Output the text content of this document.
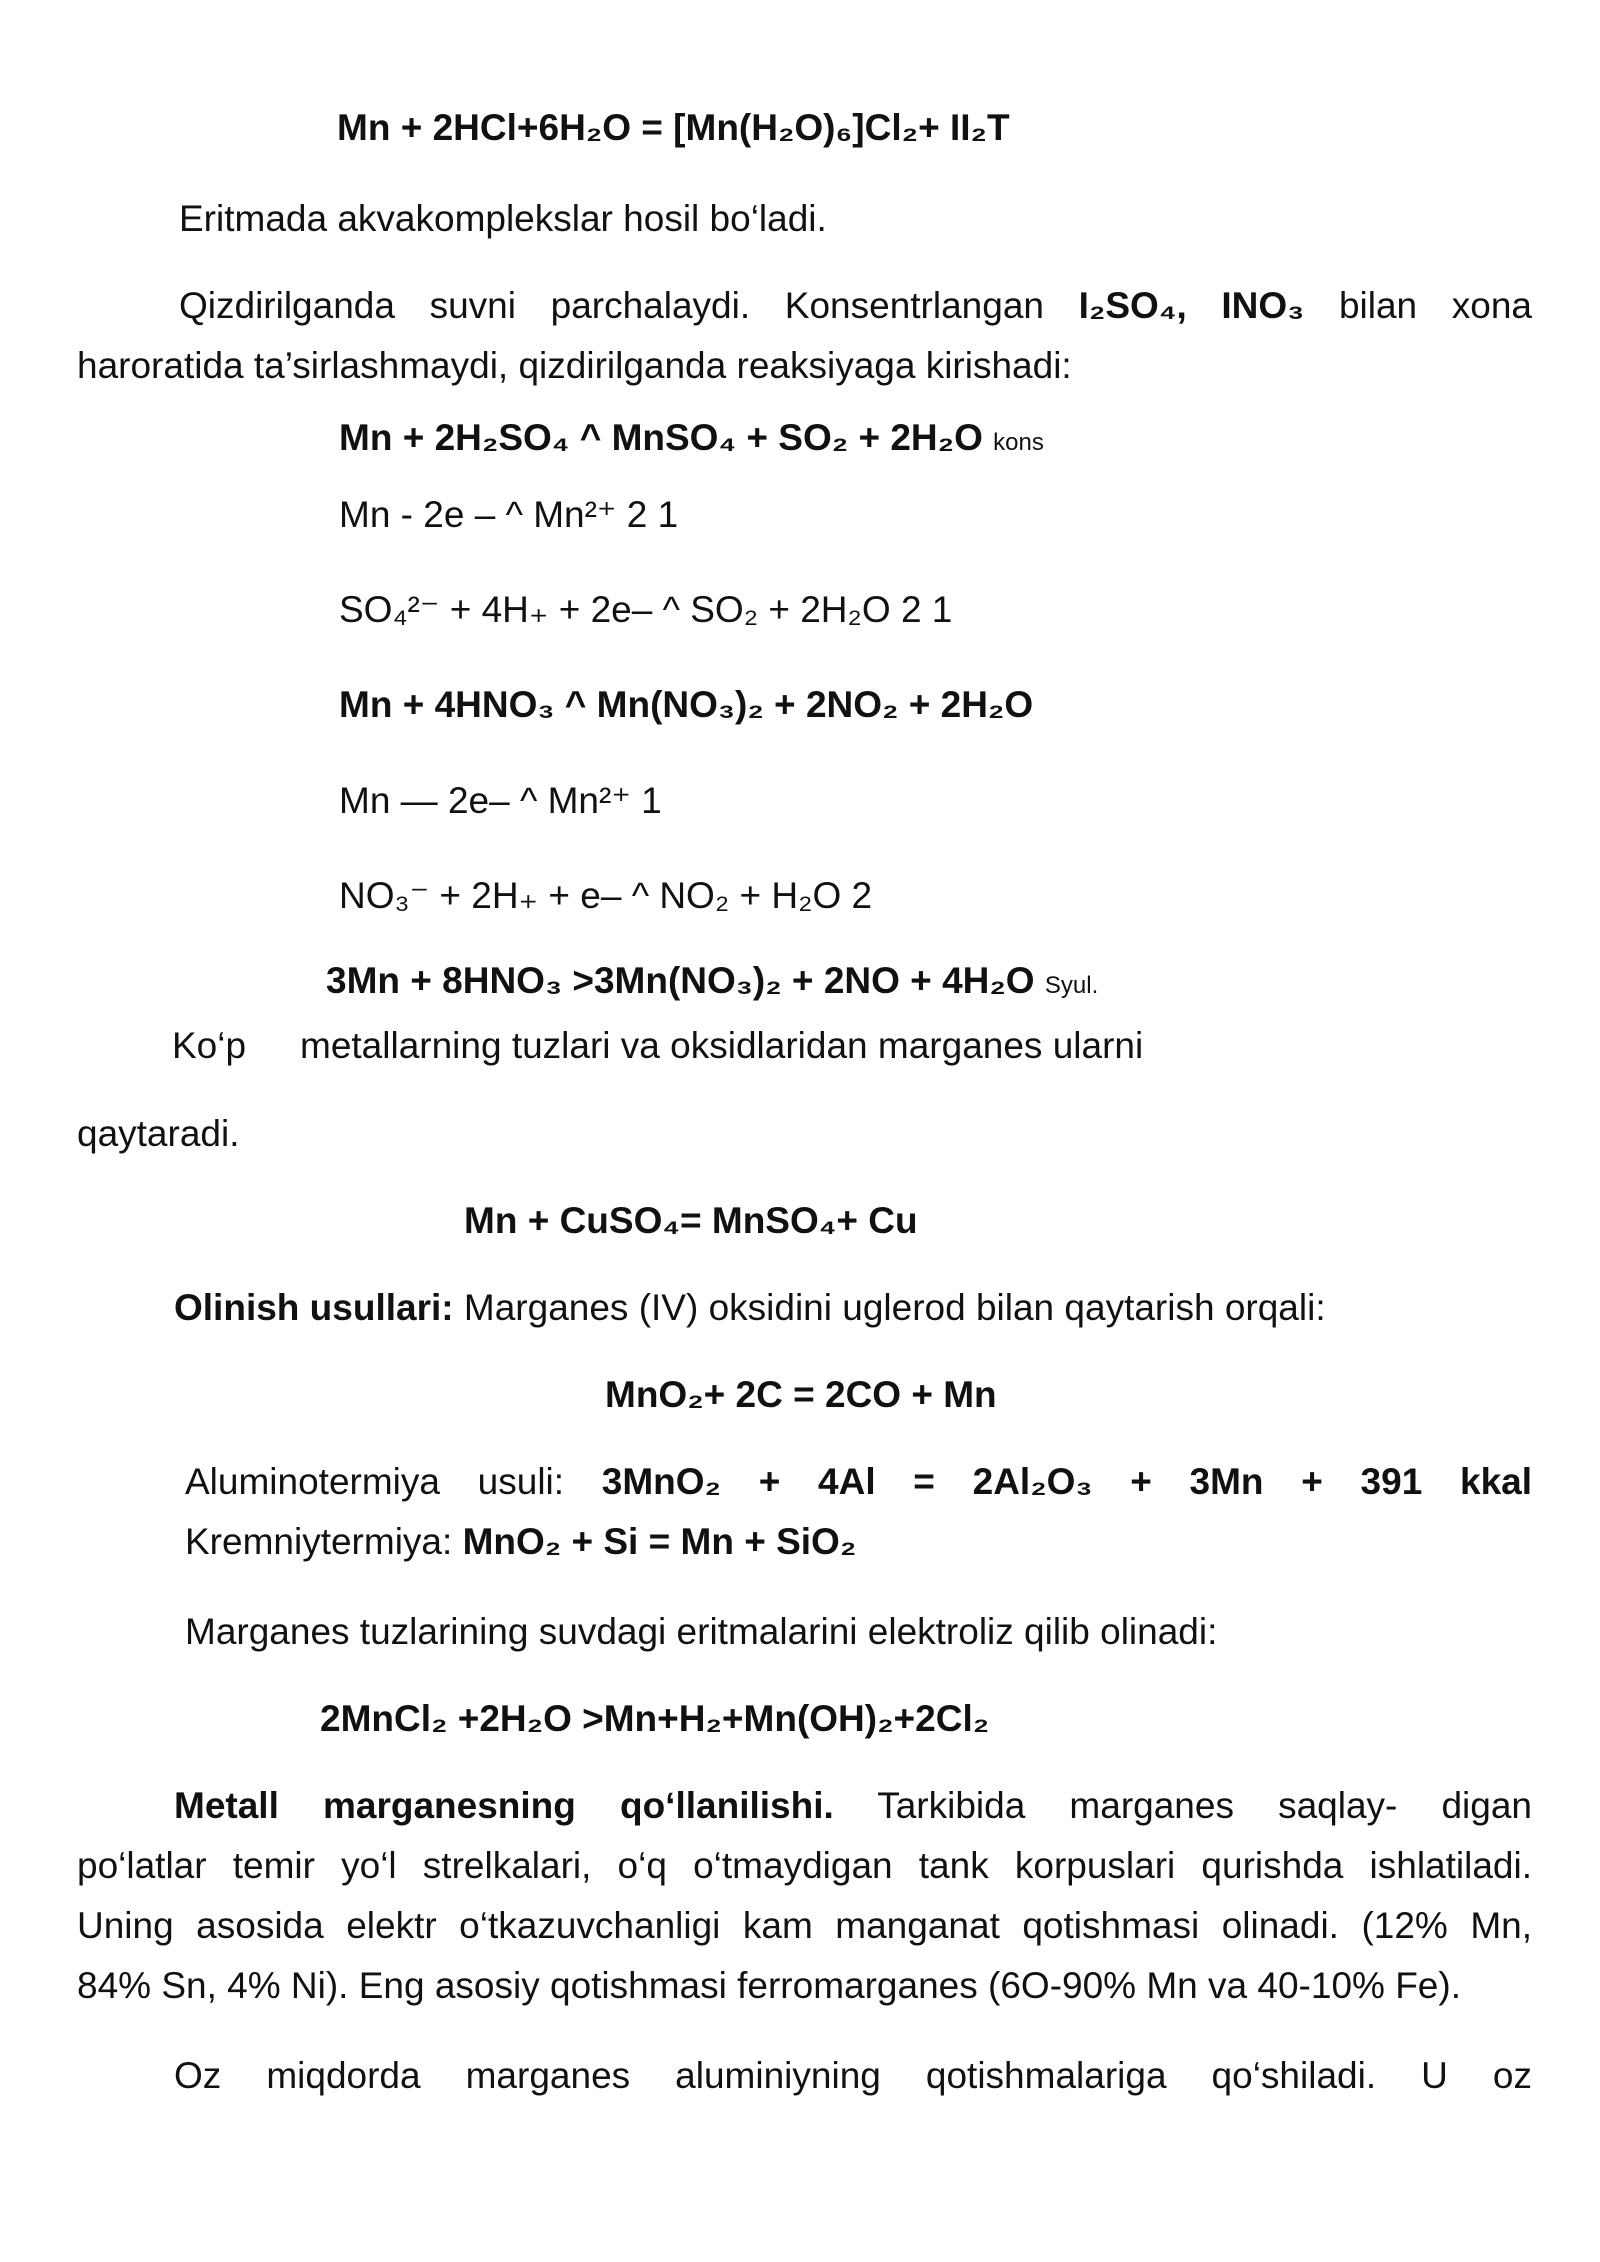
Mn + 2HCl+6H₂O = [Mn(H₂O)₆]Cl₂+ II₂T
Eritmada akvakomplekslar hosil bo‘ladi.
Qizdirilganda suvni parchalaydi. Konsentrlangan I₂SO₄, INO₃ bilan xona
haroratida ta’sirlashmaydi, qizdirilganda reaksiyaga kirishadi:
Mn + 2H₂SO₄ ^ MnSO₄ + SO₂ + 2H₂O kons
Mn - 2e – ^ Mn²⁺ 2 1
SO₄²⁻ + 4H₊ + 2e– ^ SO₂ + 2H₂O 2 1
Mn + 4HNO₃ ^ Mn(NO₃)₂ + 2NO₂ + 2H₂O
Mn — 2e– ^ Mn²⁺ 1
NO₃⁻ + 2H₊ + e– ^ NO₂ + H₂O 2
3Mn + 8HNO₃ >3Mn(NO₃)₂ + 2NO + 4H₂O Syul.
Ko‘p metallarning tuzlari va oksidlaridan marganes ularni
qaytaradi.
Mn + CuSO₄= MnSO₄+ Cu
Olinish usullari: Marganes (IV) oksidini uglerod bilan qaytarish orqali:
MnO₂+ 2C = 2CO + Mn
Aluminotermiya usuli: 3MnO₂ + 4Al = 2Al₂O₃ + 3Mn + 391 kkal
Kremniytermiya: MnO₂ + Si = Mn + SiO₂
Marganes tuzlarining suvdagi eritmalarini elektroliz qilib olinadi:
2MnCl₂ +2H₂O >Mn+H₂+Mn(OH)₂+2Cl₂
Metall marganesning qo‘llanilishi. Tarkibida marganes saqlay- digan
po‘latlar temir yo‘l strelkalari, o‘q o‘tmaydigan tank korpuslari qurishda ishlatiladi.
Uning asosida elektr o‘tkazuvchanligi kam manganat qotishmasi olinadi. (12% Mn,
84% Sn, 4% Ni). Eng asosiy qotishmasi ferromarganes (6O-90% Mn va 40-10% Fe).
Oz miqdorda marganes aluminiyning qotishmalariga qo‘shiladi. U oz
